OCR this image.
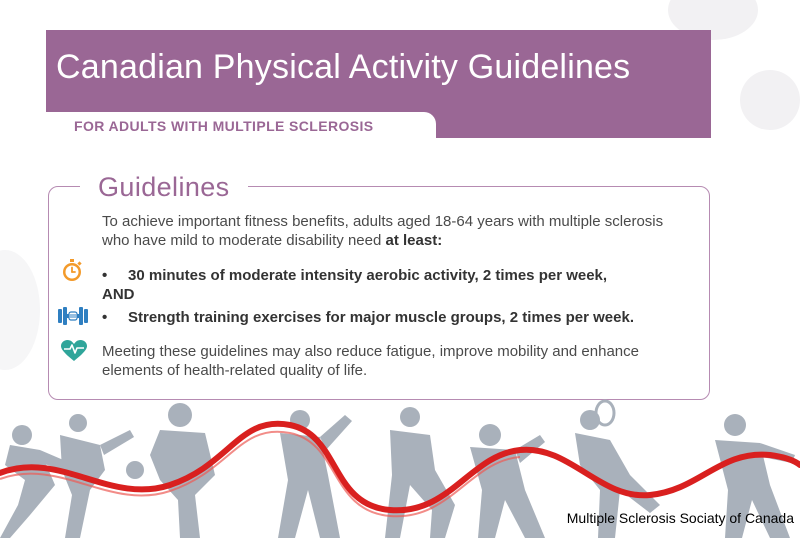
Canadian Physical Activity Guidelines
FOR ADULTS WITH MULTIPLE SCLEROSIS
Guidelines
To achieve important fitness benefits, adults aged 18-64 years with multiple sclerosis who have mild to moderate disability need at least:
• 30 minutes of moderate intensity aerobic activity, 2 times per week,
AND
• Strength training exercises for major muscle groups, 2 times per week.
Meeting these guidelines may also reduce fatigue, improve mobility and enhance elements of health-related quality of life.
Multiple Sclerosis Sociaty of Canada
